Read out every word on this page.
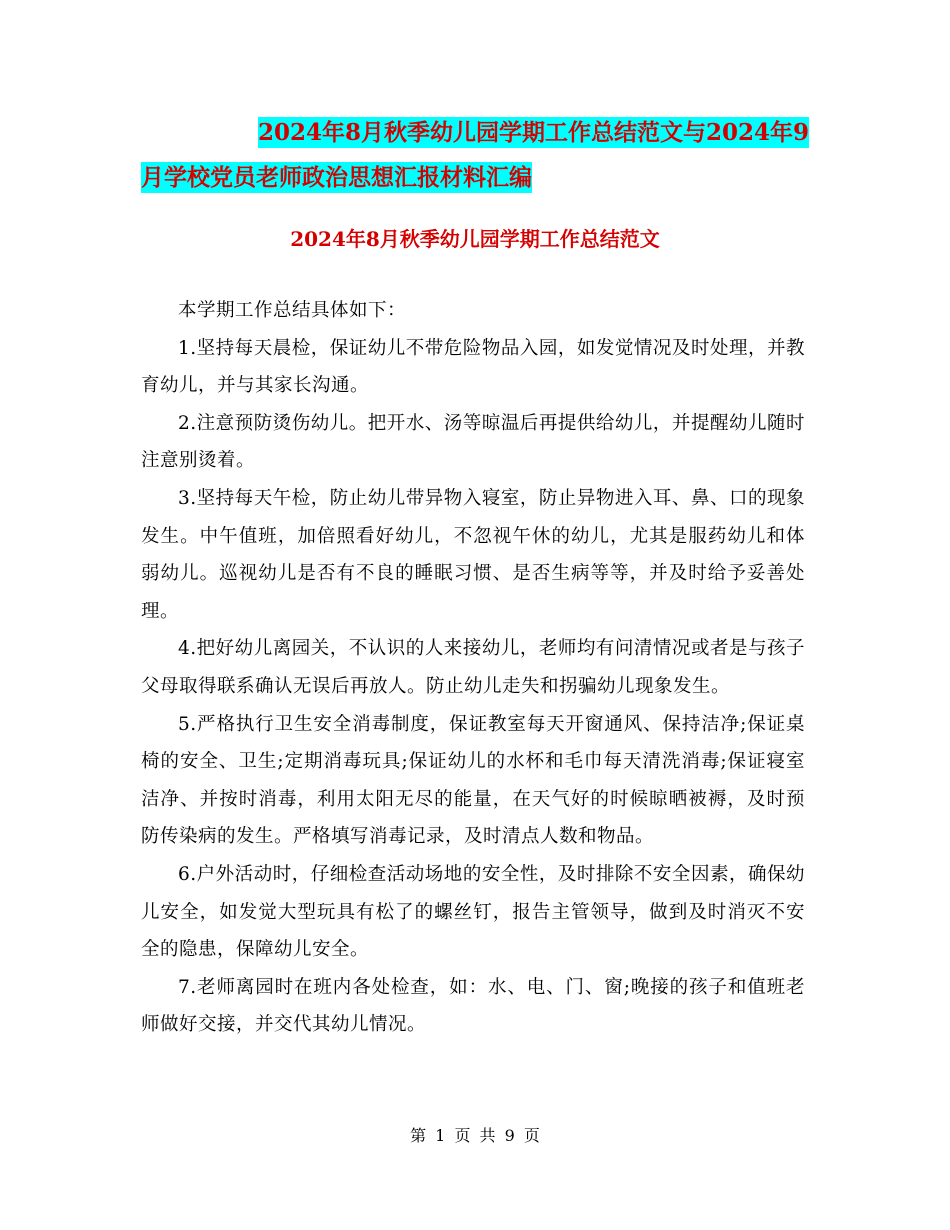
2024年8月秋季幼儿园学期工作总结范文与2024年9
月学校党员老师政治思想汇报材料汇编
2024年8月秋季幼儿园学期工作总结范文

本学期工作总结具体如下：

1.坚持每天晨检，保证幼儿不带危险物品入园，如发觉情况及时处理，并教育幼儿，并与其家长沟通。

2.注意预防烫伤幼儿。把开水、汤等晾温后再提供给幼儿，并提醒幼儿随时注意别烫着。

3.坚持每天午检，防止幼儿带异物入寝室，防止异物进入耳、鼻、口的现象发生。中午值班，加倍照看好幼儿，不忽视午休的幼儿，尤其是服药幼儿和体弱幼儿。巡视幼儿是否有不良的睡眠习惯、是否生病等等，并及时给予妥善处理。

4.把好幼儿离园关，不认识的人来接幼儿，老师均有问清情况或者是与孩子父母取得联系确认无误后再放人。防止幼儿走失和拐骗幼儿现象发生。

5.严格执行卫生安全消毒制度，保证教室每天开窗通风、保持洁净;保证桌椅的安全、卫生;定期消毒玩具;保证幼儿的水杯和毛巾每天清洗消毒;保证寝室洁净、并按时消毒，利用太阳无尽的能量，在天气好的时候晾晒被褥，及时预防传染病的发生。严格填写消毒记录，及时清点人数和物品。

6.户外活动时，仔细检查活动场地的安全性，及时排除不安全因素，确保幼儿安全，如发觉大型玩具有松了的螺丝钉，报告主管领导，做到及时消灭不安全的隐患，保障幼儿安全。

7.老师离园时在班内各处检查，如：水、电、门、窗;晚接的孩子和值班老师做好交接，并交代其幼儿情况。

第 1 页 共 9 页
